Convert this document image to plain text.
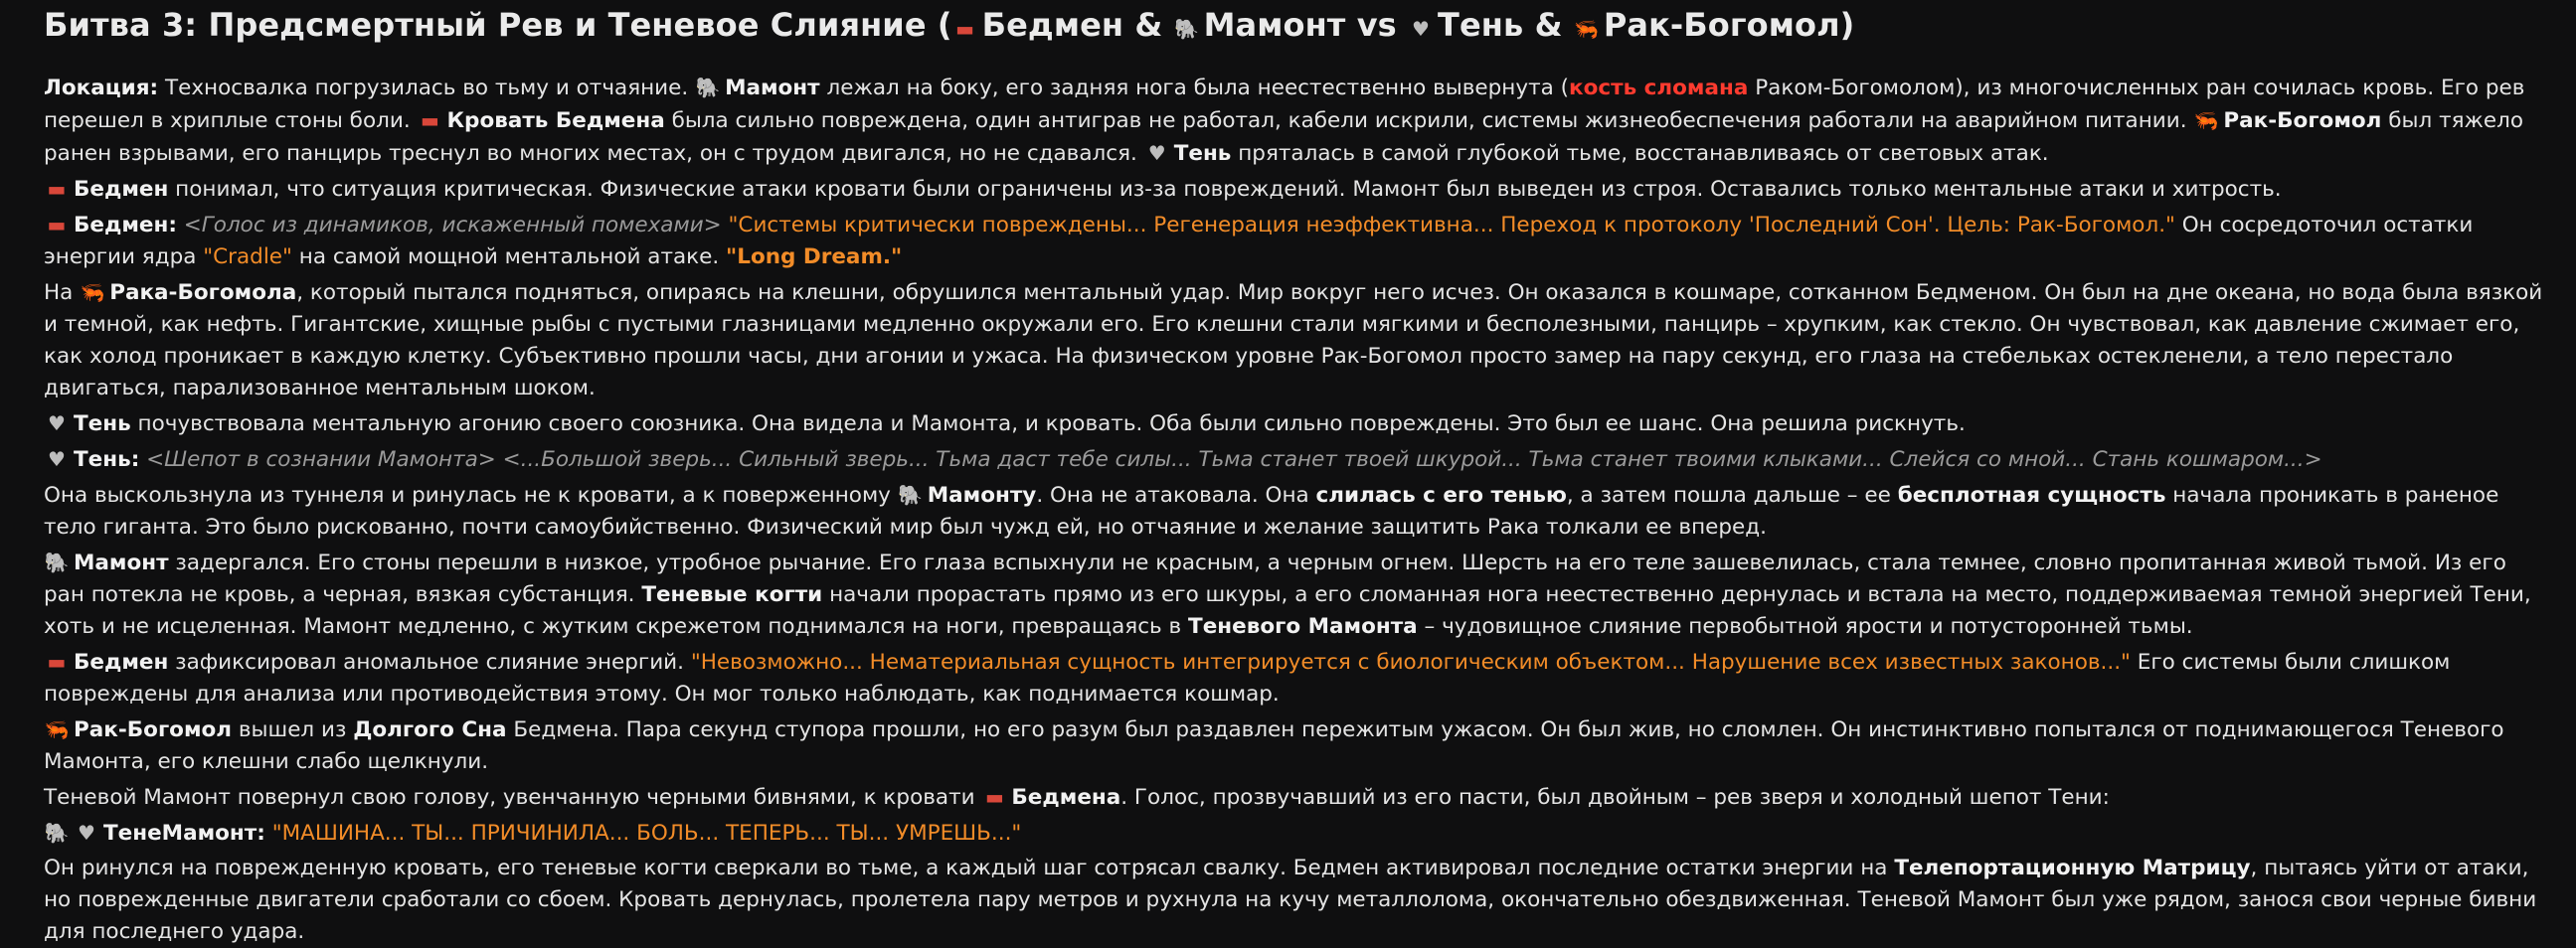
Битва 3: Предсмертный Рев и Теневое Слияние ( ▬ Бедмен & 🐘 Мамонт vs ♥ Тень & 🦐 Рак-Богомол)

Локация: Техносвалка погрузилась во тьму и отчаяние. 🐘 Мамонт лежал на боку, его задняя нога была неестественно вывернута (кость сломана Раком-Богомолом), из многочисленных ран сочилась кровь. Его рев перешел в хриплые стоны боли. ▬ Кровать Бедмена была сильно повреждена, один антиграв не работал, кабели искрили, системы жизнеобеспечения работали на аварийном питании. 🦐 Рак-Богомол был тяжело ранен взрывами, его панцирь треснул во многих местах, он с трудом двигался, но не сдавался. ♥ Тень пряталась в самой глубокой тьме, восстанавливаясь от световых атак.

▬ Бедмен понимал, что ситуация критическая. Физические атаки кровати были ограничены из-за повреждений. Мамонт был выведен из строя. Оставались только ментальные атаки и хитрость.

▬ Бедмен: <Голос из динамиков, искаженный помехами> "Системы критически повреждены... Регенерация неэффективна... Переход к протоколу 'Последний Сон'. Цель: Рак-Богомол." Он сосредоточил остатки энергии ядра "Cradle" на самой мощной ментальной атаке. "Long Dream."

На 🦐 Рака-Богомола, который пытался подняться, опираясь на клешни, обрушился ментальный удар. Мир вокруг него исчез. Он оказался в кошмаре, сотканном Бедменом. Он был на дне океана, но вода была вязкой и темной, как нефть. Гигантские, хищные рыбы с пустыми глазницами медленно окружали его. Его клешни стали мягкими и бесполезными, панцирь – хрупким, как стекло. Он чувствовал, как давление сжимает его, как холод проникает в каждую клетку. Субъективно прошли часы, дни агонии и ужаса. На физическом уровне Рак-Богомол просто замер на пару секунд, его глаза на стебельках остекленели, а тело перестало двигаться, парализованное ментальным шоком.

♥ Тень почувствовала ментальную агонию своего союзника. Она видела и Мамонта, и кровать. Оба были сильно повреждены. Это был ее шанс. Она решила рискнуть.

♥ Тень: <Шепот в сознании Мамонта> <...Большой зверь... Сильный зверь... Тьма даст тебе силы... Тьма станет твоей шкурой... Тьма станет твоими клыками... Слейся со мной... Стань кошмаром...>

Она выскользнула из туннеля и ринулась не к кровати, а к поверженному 🐘 Мамонту. Она не атаковала. Она слилась с его тенью, а затем пошла дальше – ее бесплотная сущность начала проникать в раненое тело гиганта. Это было рискованно, почти самоубийственно. Физический мир был чужд ей, но отчаяние и желание защитить Рака толкали ее вперед.

🐘 Мамонт задергался. Его стоны перешли в низкое, утробное рычание. Его глаза вспыхнули не красным, а черным огнем. Шерсть на его теле зашевелилась, стала темнее, словно пропитанная живой тьмой. Из его ран потекла не кровь, а черная, вязкая субстанция. Теневые когти начали прорастать прямо из его шкуры, а его сломанная нога неестественно дернулась и встала на место, поддерживаемая темной энергией Тени, хоть и не исцеленная. Мамонт медленно, с жутким скрежетом поднимался на ноги, превращаясь в Теневого Мамонта – чудовищное слияние первобытной ярости и потусторонней тьмы.

▬ Бедмен зафиксировал аномальное слияние энергий. "Невозможно... Нематериальная сущность интегрируется с биологическим объектом... Нарушение всех известных законов..." Его системы были слишком повреждены для анализа или противодействия этому. Он мог только наблюдать, как поднимается кошмар.

🦐 Рак-Богомол вышел из Долгого Сна Бедмена. Пара секунд ступора прошли, но его разум был раздавлен пережитым ужасом. Он был жив, но сломлен. Он инстинктивно попытался от поднимающегося Теневого Мамонта, его клешни слабо щелкнули.

Теневой Мамонт повернул свою голову, увенчанную черными бивнями, к кровати ▬ Бедмена. Голос, прозвучавший из его пасти, был двойным – рев зверя и холодный шепот Тени:

🐘 ♥ ТенеМамонт: "МАШИНА... ТЫ... ПРИЧИНИЛА... БОЛЬ... ТЕПЕРЬ... ТЫ... УМРЕШЬ..."

Он ринулся на поврежденную кровать, его теневые когти сверкали во тьме, а каждый шаг сотрясал свалку. Бедмен активировал последние остатки энергии на Телепортационную Матрицу, пытаясь уйти от атаки, но поврежденные двигатели сработали со сбоем. Кровать дернулась, пролетела пару метров и рухнула на кучу металлолома, окончательно обездвиженная. Теневой Мамонт был уже рядом, занося свои черные бивни для последнего удара.
